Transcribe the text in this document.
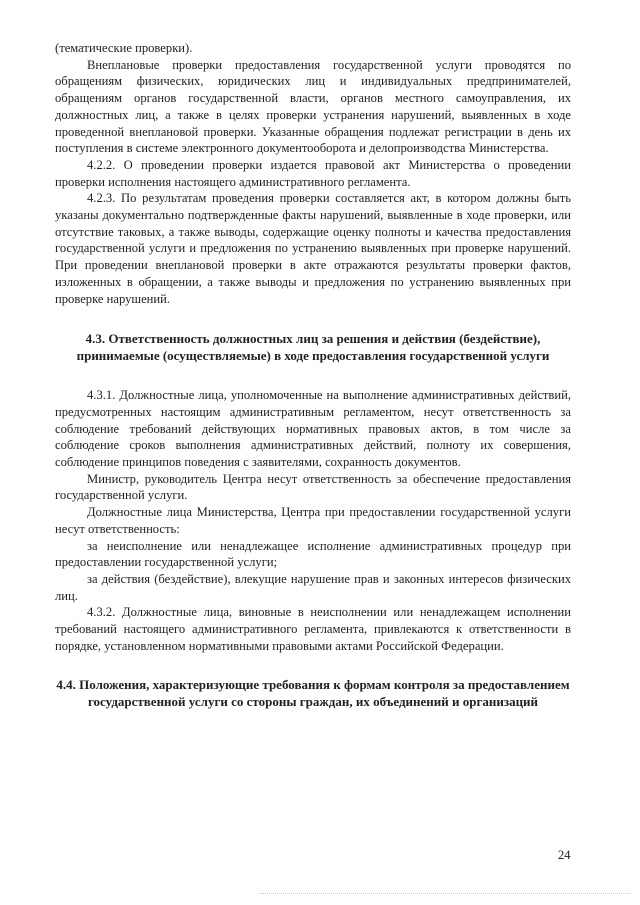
(тематические проверки).

Внеплановые проверки предоставления государственной услуги проводятся по обращениям физических, юридических лиц и индивидуальных предпринимателей, обращениям органов государственной власти, органов местного самоуправления, их должностных лиц, а также в целях проверки устранения нарушений, выявленных в ходе проведенной внеплановой проверки. Указанные обращения подлежат регистрации в день их поступления в системе электронного документооборота и делопроизводства Министерства.

4.2.2. О проведении проверки издается правовой акт Министерства о проведении проверки исполнения настоящего административного регламента.

4.2.3. По результатам проведения проверки составляется акт, в котором должны быть указаны документально подтвержденные факты нарушений, выявленные в ходе проверки, или отсутствие таковых, а также выводы, содержащие оценку полноты и качества предоставления государственной услуги и предложения по устранению выявленных при проверке нарушений. При проведении внеплановой проверки в акте отражаются результаты проверки фактов, изложенных в обращении, а также выводы и предложения по устранению выявленных при проверке нарушений.

4.3. Ответственность должностных лиц за решения и действия (бездействие), принимаемые (осуществляемые) в ходе предоставления государственной услуги

4.3.1. Должностные лица, уполномоченные на выполнение административных действий, предусмотренных настоящим административным регламентом, несут ответственность за соблюдение требований действующих нормативных правовых актов, в том числе за соблюдение сроков выполнения административных действий, полноту их совершения, соблюдение принципов поведения с заявителями, сохранность документов.

Министр, руководитель Центра несут ответственность за обеспечение предоставления государственной услуги.

Должностные лица Министерства, Центра при предоставлении государственной услуги несут ответственность:

за неисполнение или ненадлежащее исполнение административных процедур при предоставлении государственной услуги;

за действия (бездействие), влекущие нарушение прав и законных интересов физических лиц.

4.3.2. Должностные лица, виновные в неисполнении или ненадлежащем исполнении требований настоящего административного регламента, привлекаются к ответственности в порядке, установленном нормативными правовыми актами Российской Федерации.

4.4. Положения, характеризующие требования к формам контроля за предоставлением государственной услуги со стороны граждан, их объединений и организаций
24
